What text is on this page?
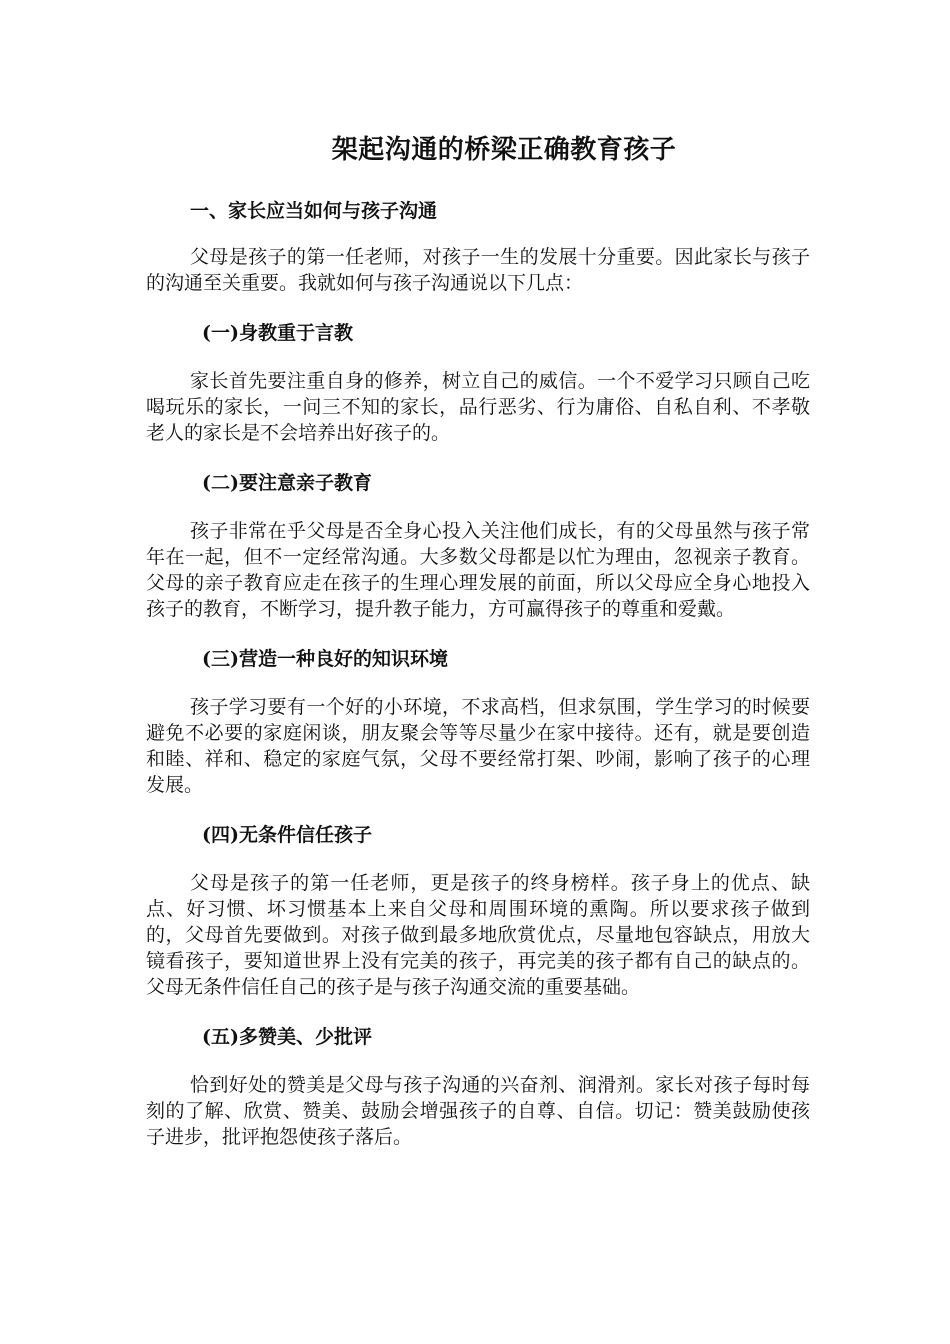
架起沟通的桥梁正确教育孩子
一、家长应当如何与孩子沟通

父母是孩子的第一任老师，对孩子一生的发展十分重要。因此家长与孩子的沟通至关重要。我就如何与孩子沟通说以下几点：

(一)身教重于言教

家长首先要注重自身的修养，树立自己的威信。一个不爱学习只顾自己吃喝玩乐的家长，一问三不知的家长，品行恶劣、行为庸俗、自私自利、不孝敬老人的家长是不会培养出好孩子的。

(二)要注意亲子教育

孩子非常在乎父母是否全身心投入关注他们成长，有的父母虽然与孩子常年在一起，但不一定经常沟通。大多数父母都是以忙为理由，忽视亲子教育。父母的亲子教育应走在孩子的生理心理发展的前面，所以父母应全身心地投入孩子的教育，不断学习，提升教子能力，方可赢得孩子的尊重和爱戴。

(三)营造一种良好的知识环境

孩子学习要有一个好的小环境，不求高档，但求氛围，学生学习的时候要避免不必要的家庭闲谈，朋友聚会等等尽量少在家中接待。还有，就是要创造和睦、祥和、稳定的家庭气氛，父母不要经常打架、吵闹，影响了孩子的心理发展。

(四)无条件信任孩子

父母是孩子的第一任老师，更是孩子的终身榜样。孩子身上的优点、缺点、好习惯、坏习惯基本上来自父母和周围环境的熏陶。所以要求孩子做到的，父母首先要做到。对孩子做到最多地欣赏优点，尽量地包容缺点，用放大镜看孩子，要知道世界上没有完美的孩子，再完美的孩子都有自己的缺点的。父母无条件信任自己的孩子是与孩子沟通交流的重要基础。

(五)多赞美、少批评

恰到好处的赞美是父母与孩子沟通的兴奋剂、润滑剂。家长对孩子每时每刻的了解、欣赏、赞美、鼓励会增强孩子的自尊、自信。切记：赞美鼓励使孩子进步，批评抱怨使孩子落后。
